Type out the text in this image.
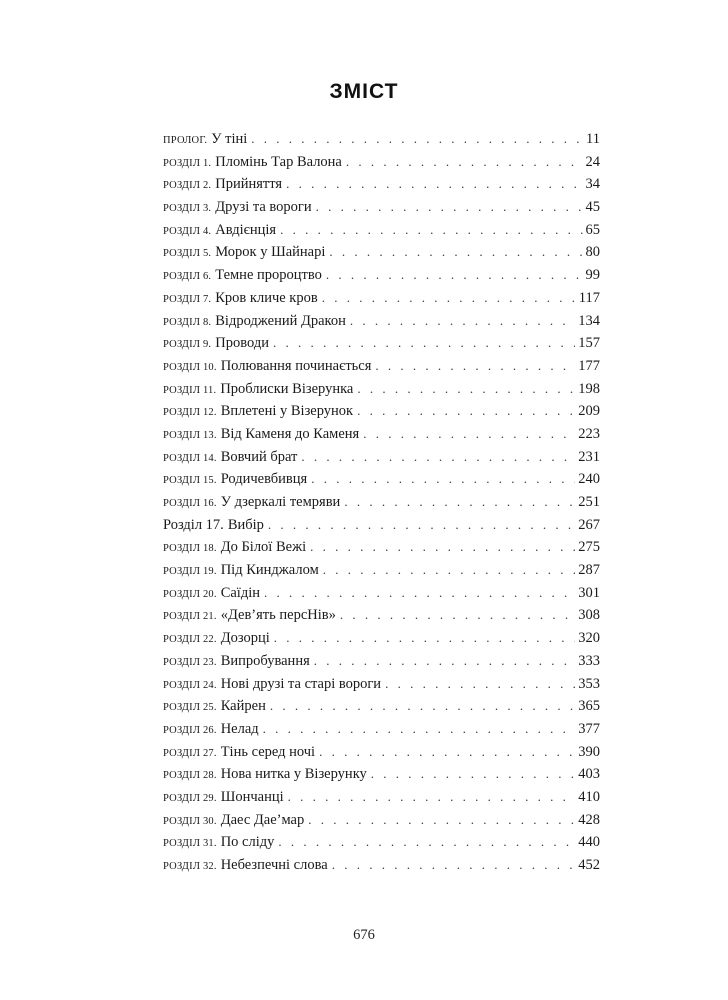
ЗМІСТ
ПРОЛОГ. У тіні . . .	11
РОЗДІЛ 1. Пломінь Тар Валона . . .	24
РОЗДІЛ 2. Прийняття . . .	34
РОЗДІЛ 3. Друзі та вороги . . .	45
РОЗДІЛ 4. Авдієнція . . .	65
РОЗДІЛ 5. Морок у Шайнарі . . .	80
РОЗДІЛ 6. Темне пророцтво . . .	99
РОЗДІЛ 7. Кров кличе кров . . .	117
РОЗДІЛ 8. Відроджений Дракон . . .	134
РОЗДІЛ 9. Проводи . . .	157
РОЗДІЛ 10. Полювання починається . . .	177
РОЗДІЛ 11. Проблиски Візерунка . . .	198
РОЗДІЛ 12. Вплетені у Візерунок . . .	209
РОЗДІЛ 13. Від Каменя до Каменя . . .	223
РОЗДІЛ 14. Вовчий брат . . .	231
РОЗДІЛ 15. Родичевбивця . . .	240
РОЗДІЛ 16. У дзеркалі темряви . . .	251
Розділ 17. Вибір . . .	267
РОЗДІЛ 18. До Білої Вежі . . .	275
РОЗДІЛ 19. Під Кинджалом . . .	287
РОЗДІЛ 20. Саїдін . . .	301
РОЗДІЛ 21. «Дев’ять персНів» . . .	308
РОЗДІЛ 22. Дозорці . . .	320
РОЗДІЛ 23. Випробування . . .	333
РОЗДІЛ 24. Нові друзі та старі вороги . . .	353
РОЗДІЛ 25. Кайрен . . .	365
РОЗДІЛ 26. Нелад . . .	377
РОЗДІЛ 27. Тінь серед ночі . . .	390
РОЗДІЛ 28. Нова нитка у Візерунку . . .	403
РОЗДІЛ 29. Шончанці . . .	410
РОЗДІЛ 30. Даес Дае’мар . . .	428
РОЗДІЛ 31. По сліду . . .	440
РОЗДІЛ 32. Небезпечні слова . . .	452
676
